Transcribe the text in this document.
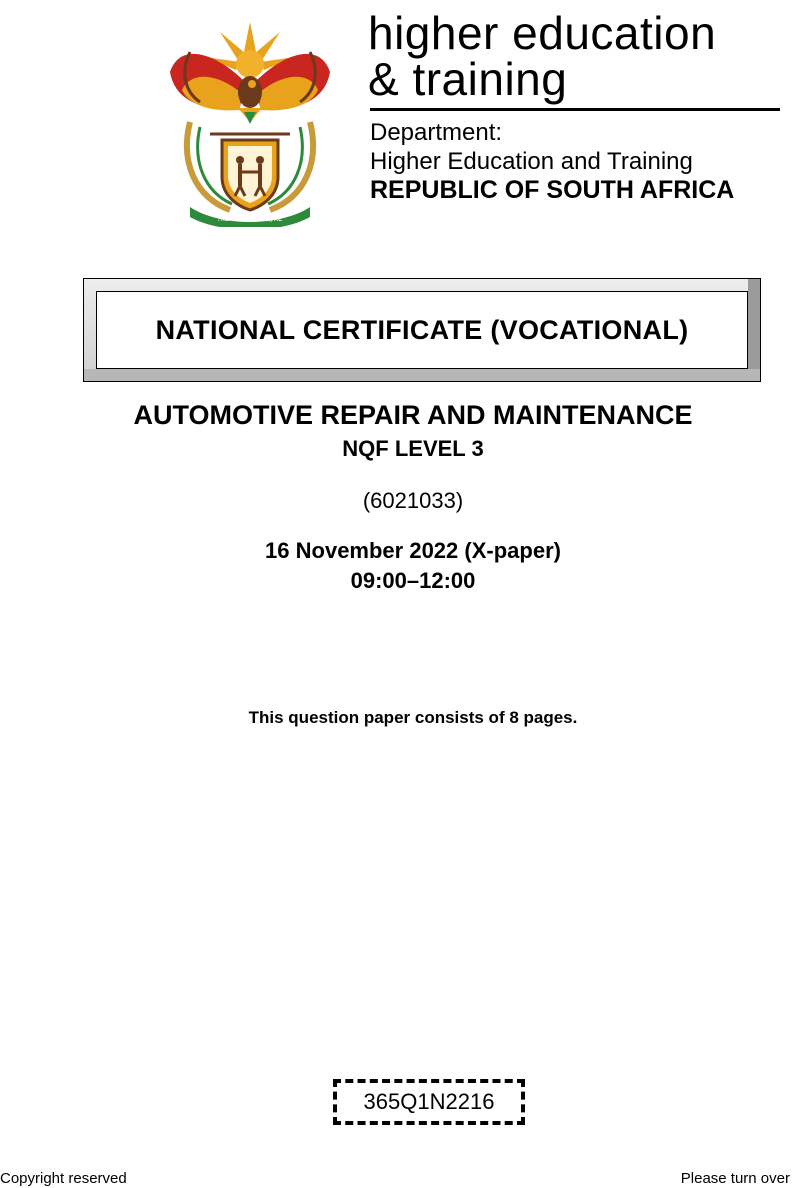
!KE E: /XARRA //KE
higher education
& training
Department:
Higher Education and Training
REPUBLIC OF SOUTH AFRICA
NATIONAL CERTIFICATE (VOCATIONAL)
AUTOMOTIVE REPAIR AND MAINTENANCE
NQF LEVEL 3
(6021033)
16 November 2022 (X-paper)
09:00–12:00
This question paper consists of 8 pages.
365Q1N2216
Copyright reserved	Please turn over
